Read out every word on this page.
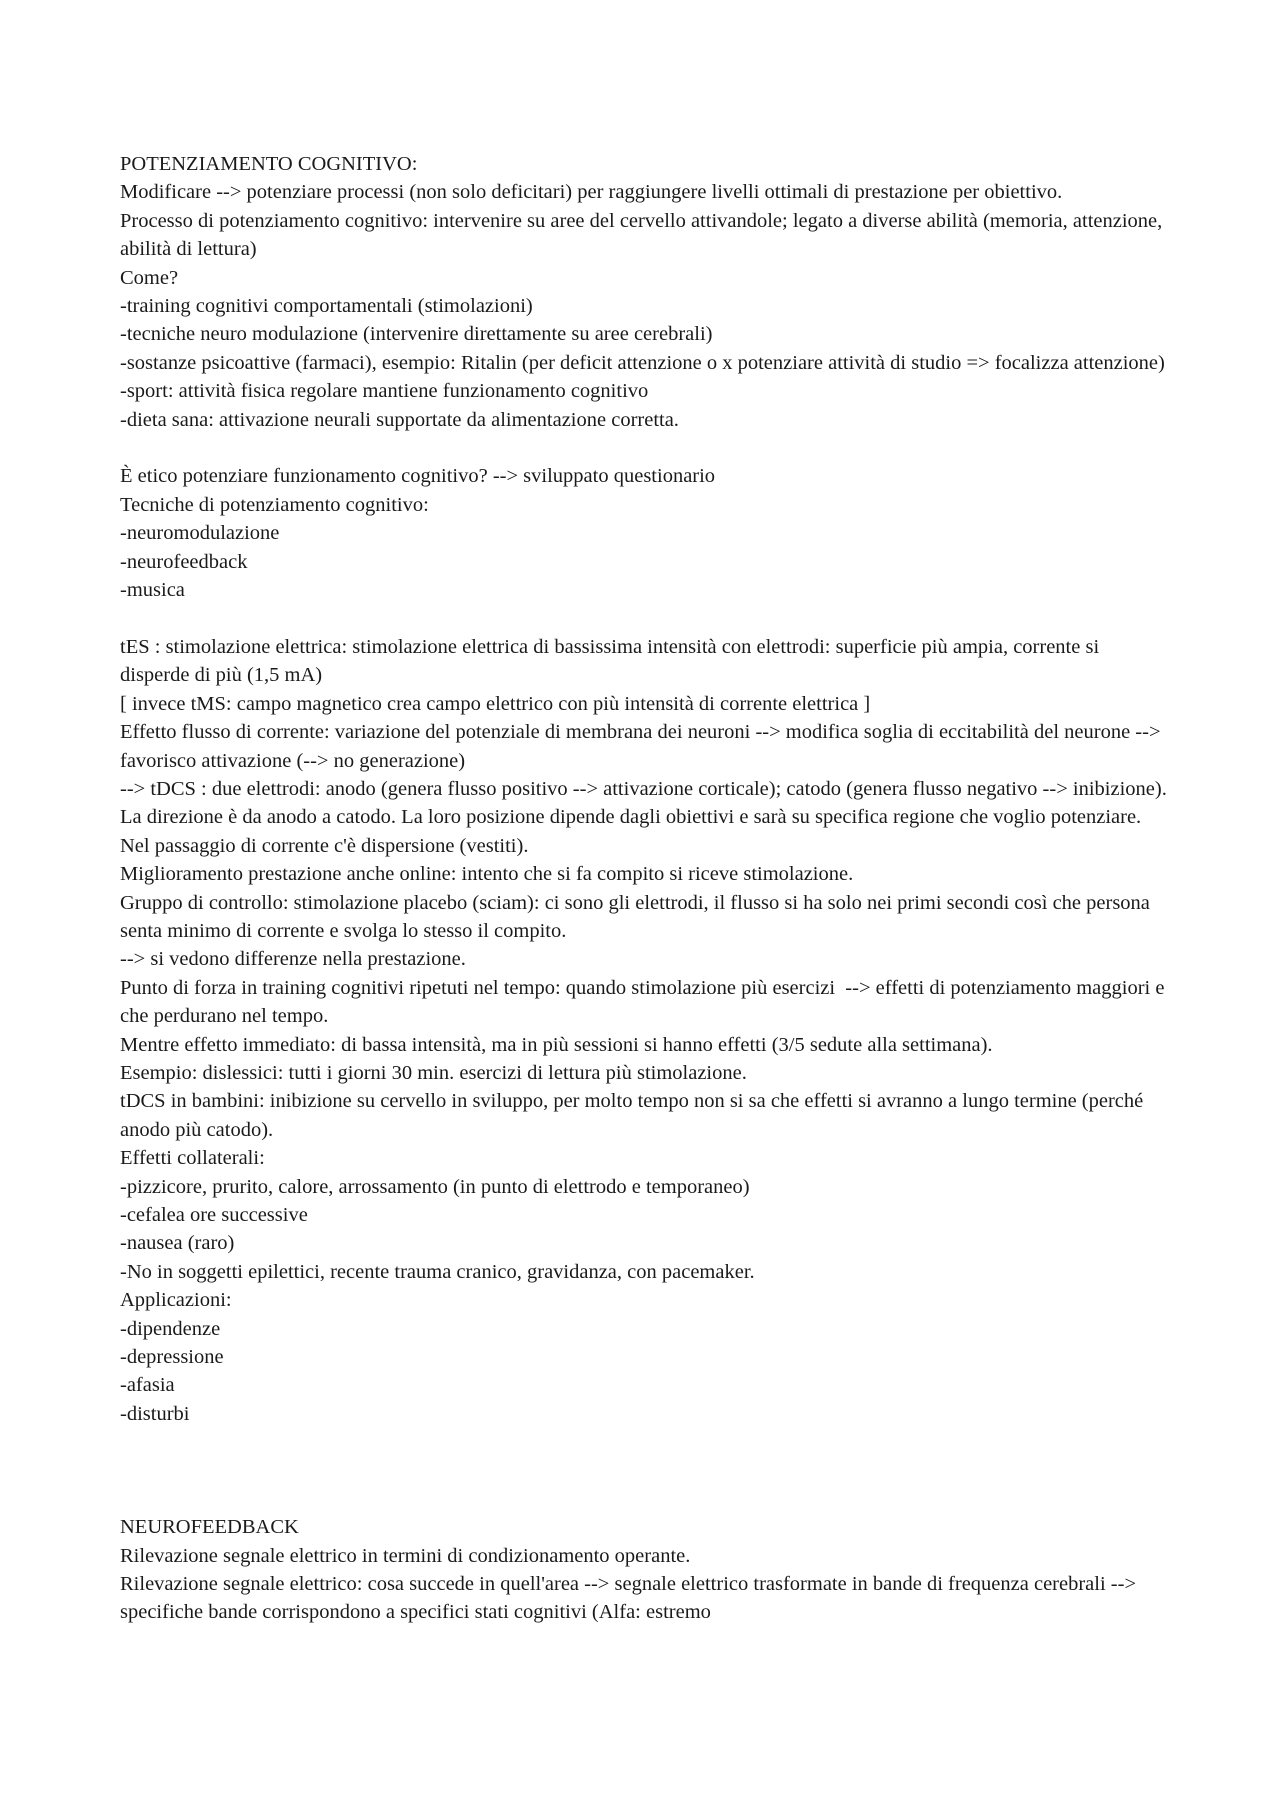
POTENZIAMENTO COGNITIVO:
Modificare --> potenziare processi (non solo deficitari) per raggiungere livelli ottimali di prestazione per obiettivo.
Processo di potenziamento cognitivo: intervenire su aree del cervello attivandole; legato a diverse abilità (memoria, attenzione, abilità di lettura)
Come?
-training cognitivi comportamentali (stimolazioni)
-tecniche neuro modulazione (intervenire direttamente su aree cerebrali)
-sostanze psicoattive (farmaci), esempio: Ritalin (per deficit attenzione o x potenziare attività di studio => focalizza attenzione)
-sport: attività fisica regolare mantiene funzionamento cognitivo
-dieta sana: attivazione neurali supportate da alimentazione corretta.
È etico potenziare funzionamento cognitivo? --> sviluppato questionario
Tecniche di potenziamento cognitivo:
-neuromodulazione
-neurofeedback
-musica
tES : stimolazione elettrica: stimolazione elettrica di bassissima intensità con elettrodi: superficie più ampia, corrente si disperde di più (1,5 mA)
[ invece tMS: campo magnetico crea campo elettrico con più intensità di corrente elettrica ]
Effetto flusso di corrente: variazione del potenziale di membrana dei neuroni --> modifica soglia di eccitabilità del neurone --> favorisco attivazione (--> no generazione)
--> tDCS : due elettrodi: anodo (genera flusso positivo --> attivazione corticale); catodo (genera flusso negativo --> inibizione). La direzione è da anodo a catodo. La loro posizione dipende dagli obiettivi e sarà su specifica regione che voglio potenziare. Nel passaggio di corrente c'è dispersione (vestiti).
Miglioramento prestazione anche online: intento che si fa compito si riceve stimolazione.
Gruppo di controllo: stimolazione placebo (sciam): ci sono gli elettrodi, il flusso si ha solo nei primi secondi così che persona senta minimo di corrente e svolga lo stesso il compito.
--> si vedono differenze nella prestazione.
Punto di forza in training cognitivi ripetuti nel tempo: quando stimolazione più esercizi  --> effetti di potenziamento maggiori e che perdurano nel tempo.
Mentre effetto immediato: di bassa intensità, ma in più sessioni si hanno effetti (3/5 sedute alla settimana).
Esempio: dislessici: tutti i giorni 30 min. esercizi di lettura più stimolazione.
tDCS in bambini: inibizione su cervello in sviluppo, per molto tempo non si sa che effetti si avranno a lungo termine (perché anodo più catodo).
Effetti collaterali:
-pizzicore, prurito, calore, arrossamento (in punto di elettrodo e temporaneo)
-cefalea ore successive
-nausea (raro)
-No in soggetti epilettici, recente trauma cranico, gravidanza, con pacemaker.
Applicazioni:
-dipendenze
-depressione
-afasia
-disturbi
NEUROFEEDBACK
Rilevazione segnale elettrico in termini di condizionamento operante.
Rilevazione segnale elettrico: cosa succede in quell'area --> segnale elettrico trasformate in bande di frequenza cerebrali --> specifiche bande corrispondono a specifici stati cognitivi (Alfa: estremo
